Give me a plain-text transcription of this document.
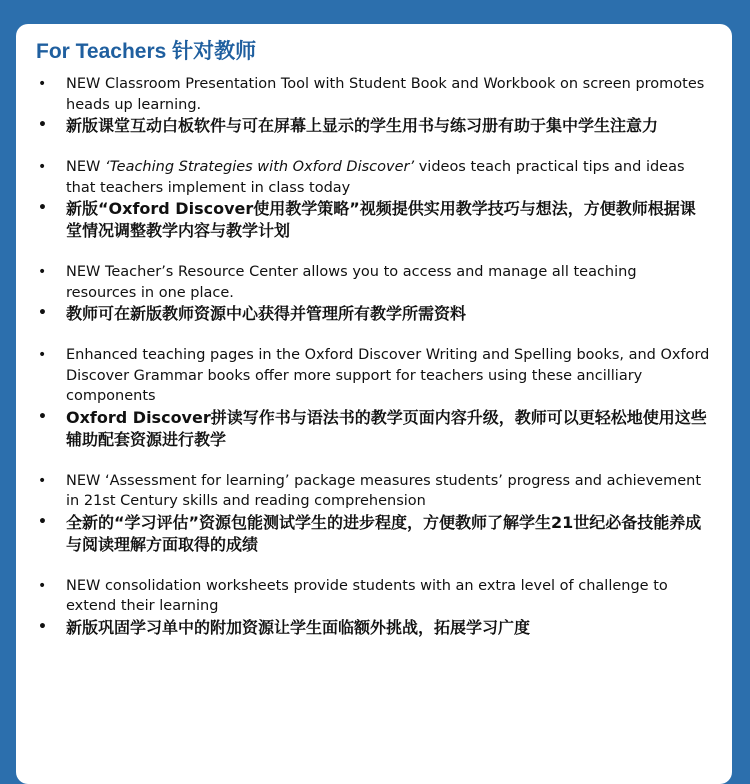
For Teachers 针对教师
•	NEW Classroom Presentation Tool with Student Book and Workbook on screen promotes heads up learning.
•	新版课堂互动白板软件与可在屏幕上显示的学生用书与练习册有助于集中学生注意力
•	NEW ‘Teaching Strategies with Oxford Discover’ videos teach practical tips and ideas that teachers implement in class today
•	新版“Oxford Discover使用教学策略”视频提供实用教学技巧与想法，方便教师根据课堂情况调整教学内容与教学计划
•	NEW Teacher’s Resource Center allows you to access and manage all teaching resources in one place.
•	教师可在新版教师资源中心获得并管理所有教学所需资料
•	Enhanced teaching pages in the Oxford Discover Writing and Spelling books, and Oxford Discover Grammar books offer more support for teachers using these ancilliary components
•	Oxford Discover拼读写作书与语法书的教学页面内容升级，教师可以更轻松地使用这些辅助配套资源进行教学
•	NEW ‘Assessment for learning’ package measures students’ progress and achievement in 21st Century skills and reading comprehension
•	全新的“学习评估”资源包能测试学生的进步程度，方便教师了解学生21世纪必备技能养成与阅读理解方面取得的成绩
•	NEW consolidation worksheets provide students with an extra level of challenge to extend their learning
•	新版巩固学习单中的附加资源让学生面临额外挑战，拓展学习广度
